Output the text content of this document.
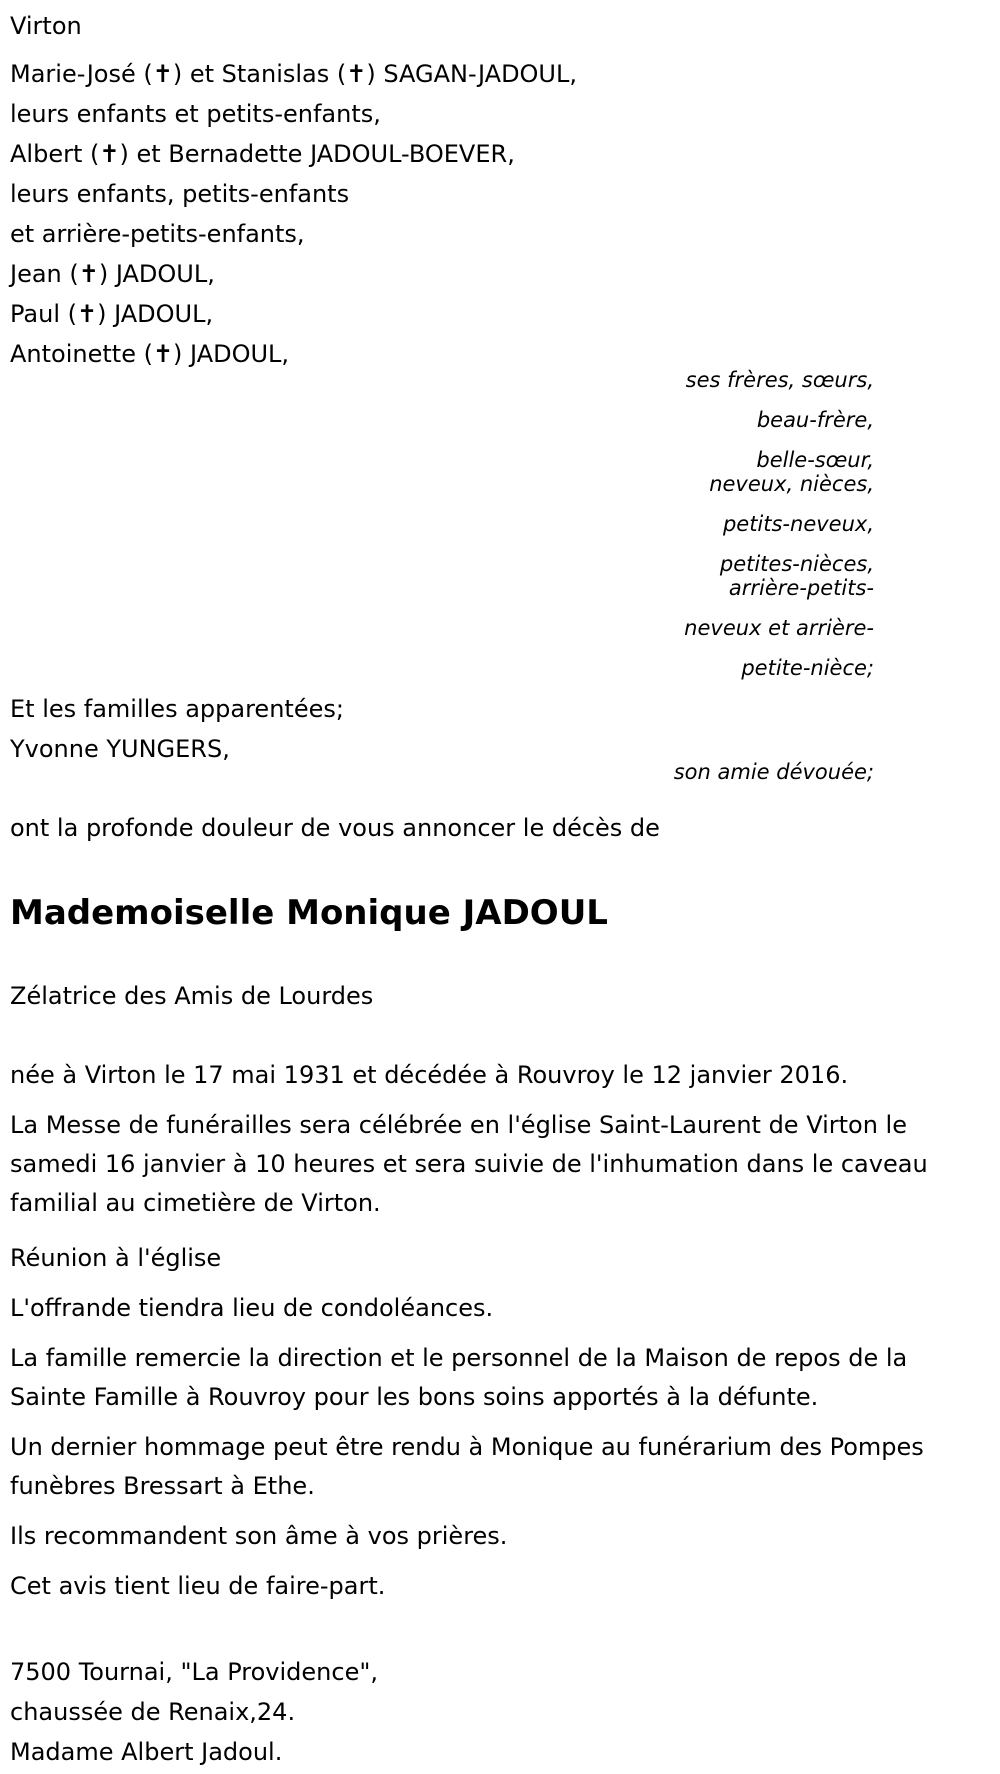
Virton

Marie-José (✝) et Stanislas (✝) SAGAN-JADOUL,

leurs enfants et petits-enfants,

Albert (✝) et Bernadette JADOUL-BOEVER,

leurs enfants, petits-enfants

et arrière-petits-enfants,

Jean (✝) JADOUL,

Paul (✝) JADOUL,

Antoinette (✝) JADOUL,

ses frères, sœurs,

beau-frère,

belle-sœur,

neveux, nièces,

petits-neveux,

petites-nièces,

arrière-petits-

neveux et arrière-

petite-nièce;

Et les familles apparentées;

Yvonne YUNGERS,

son amie dévouée;

ont la profonde douleur de vous annoncer le décès de

Mademoiselle Monique JADOUL

Zélatrice des Amis de Lourdes

née à Virton le 17 mai 1931 et décédée à Rouvroy le 12 janvier 2016.

La Messe de funérailles sera célébrée en l'église Saint-Laurent de Virton le samedi 16 janvier à 10 heures et sera suivie de l'inhumation dans le caveau familial au cimetière de Virton.

Réunion à l'église

L'offrande tiendra lieu de condoléances.

La famille remercie la direction et le personnel de la Maison de repos de la Sainte Famille à Rouvroy pour les bons soins apportés à la défunte.

Un dernier hommage peut être rendu à Monique au funérarium des Pompes funèbres Bressart à Ethe.

Ils recommandent son âme à vos prières.

Cet avis tient lieu de faire-part.

7500 Tournai, "La Providence",
chaussée de Renaix,24.
Madame Albert Jadoul.
